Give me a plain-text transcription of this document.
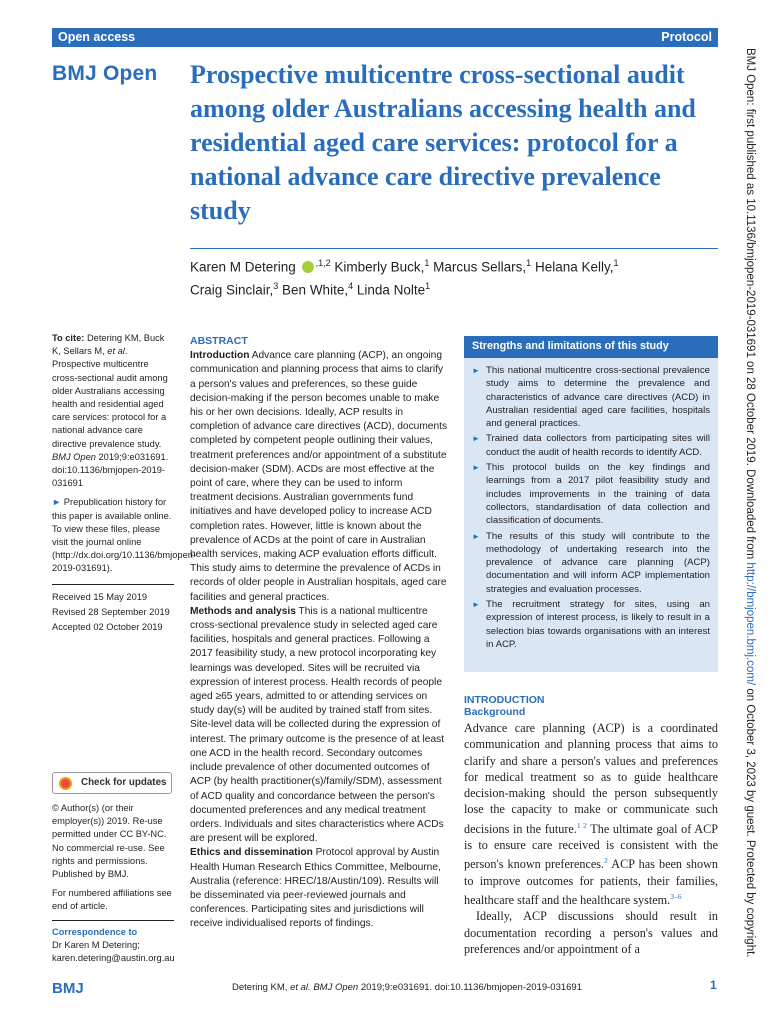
Open access	Protocol
BMJ Open Prospective multicentre cross-sectional audit among older Australians accessing health and residential aged care services: protocol for a national advance care directive prevalence study
Karen M Detering $^{,1,2}$ Kimberly Buck,$^1$ Marcus Sellars,$^1$ Helana Kelly,$^1$
Craig Sinclair,$^3$ Ben White,$^4$ Linda Nolte$^1$

To cite: Detering KM, Buck K, Sellars M, et al. Prospective multicentre cross-sectional audit among older Australians accessing health and residential aged care services: protocol for a national advance care directive prevalence study. BMJ Open 2019;9:e031691. doi:10.1136/bmjopen-2019-031691

► Prepublication history for this paper is available online. To view these files, please visit the journal online (http://dx.doi.org/10.1136/bmjopen-2019-031691).

Received 15 May 2019

Revised 28 September 2019

Accepted 02 October 2019

Check for updates

© Author(s) (or their employer(s)) 2019. Re-use permitted under CC BY-NC. No commercial re-use. See rights and permissions. Published by BMJ.

For numbered affiliations see end of article.

Correspondence to

Dr Karen M Detering;

karen.detering@austin.org.au

ABSTRACT

Introduction Advance care planning (ACP), an ongoing communication and planning process that aims to clarify a person's values and preferences, so these guide decision-making if the person becomes unable to make his or her own decisions. Ideally, ACP results in completion of advance care directives (ACD), documents completed by competent people outlining their values, treatment preferences and/or appointment of a substitute decision-maker (SDM). ACDs are most effective at the point of care, where they can be used to inform treatment decisions. Australian governments fund initiatives and have developed policy to increase ACD completion rates. However, little is known about the prevalence of ACDs at the point of care in Australian health services, making ACP evaluation efforts difficult. This study aims to determine the prevalence of ACDs in records of older people in Australian hospitals, aged care facilities and general practices.

Methods and analysis This is a national multicentre cross-sectional prevalence study in selected aged care facilities, hospitals and general practices. Following a 2017 feasibility study, a new protocol incorporating key learnings was developed. Sites will be recruited via expression of interest process. Health records of people aged ≥65 years, admitted to or attending services on study day(s) will be audited by trained staff from sites. Site-level data will be collected during the expression of interest. The primary outcome is the presence of at least one ACD in the health record. Secondary outcomes include prevalence of other documented outcomes of ACP (by health practitioner(s)/family/SDM), assessment of ACD quality and concordance between the person's documented preferences and any medical treatment orders. Individuals and sites characteristics where ACDs are present will be explored.

Ethics and dissemination Protocol approval by Austin Health Human Research Ethics Committee, Melbourne, Australia (reference: HREC/18/Austin/109). Results will be disseminated via peer-reviewed journals and conferences. Participating sites and jurisdictions will receive individualised reports of findings.

Strengths and limitations of this study
► This national multicentre cross-sectional prevalence study aims to determine the prevalence and characteristics of advance care directives (ACD) in Australian residential aged care facilities, hospitals and general practices.
► Trained data collectors from participating sites will conduct the audit of health records to identify ACD.
► This protocol builds on the key findings and learnings from a 2017 pilot feasibility study and includes improvements in the training of data collectors, standardisation of data collection and classification of documents.
► The results of this study will contribute to the methodology of undertaking research into the prevalence of advance care planning (ACP) documentation and will inform ACP implementation strategies and evaluation processes.
► The recruitment strategy for sites, using an expression of interest process, is likely to result in a selection bias towards organisations with an interest in ACP.
INTRODUCTION
Background

Advance care planning (ACP) is a coordinated communication and planning process that aims to clarify and share a person's values and preferences for medical treatment so as to guide healthcare decision-making should the person subsequently lose the capacity to make or communicate such decisions in the future.$^{1 2}$ The ultimate goal of ACP is to ensure care received is consistent with the person's known preferences.$^2$ ACP has been shown to improve outcomes for patients, their families, healthcare staff and the healthcare system.$^{3-6}$

Ideally, ACP discussions should result in documentation recording a person's values and preferences and/or appointment of a

BMJ Open: first published as 10.1136/bmjopen-2019-031691 on 28 October 2019. Downloaded from http://bmjopen.bmj.com/ on October 3, 2023 by guest. Protected by copyright.
BMJ	Detering KM, et al. BMJ Open 2019;9:e031691. doi:10.1136/bmjopen-2019-031691	1
